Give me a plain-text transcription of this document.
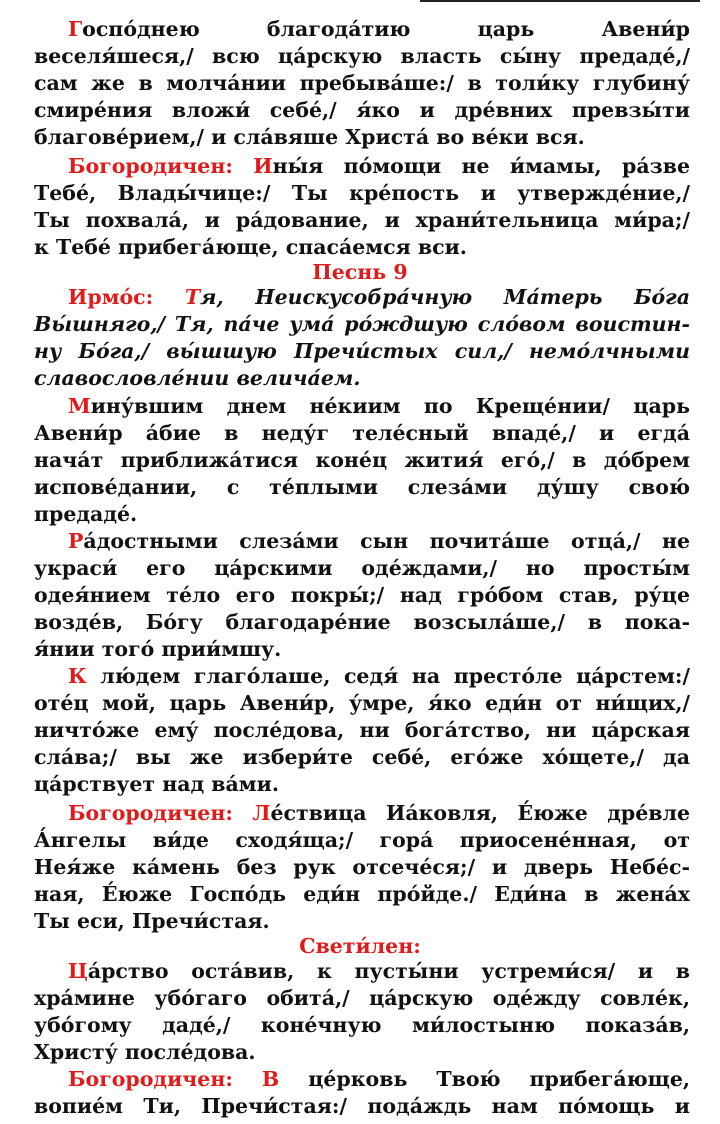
Госпо́днею благода́тию царь Авени́р
веселя́шеся,/ всю ца́рскую власть сы́ну предаде́,/
сам же в молча́нии пребыва́ше:/ в толи́ку глубину́
смире́ния вложи́ себе́,/ я́ко и дре́вних превзы́ти
благове́рием,/ и сла́вяше Христа́ во ве́ки вся.
Богородичен: Ины́я по́мощи не и́мамы, ра́зве
Тебе́, Влады́чице:/ Ты кре́пость и утвержде́ние,/
Ты похвала́, и ра́дование, и храни́тельница ми́ра;/
к Тебе́ прибега́юще, спаса́емся вси.
Песнь 9
Ирмо́с: Тя, Неискусобра́чную Ма́терь Бо́га
Вы́шняго,/ Тя, па́че ума́ ро́ждшую сло́вом воистин-
ну Бо́га,/ вы́шшую Пречи́стых сил,/ немо́лчными
славословле́нии велича́ем.
Мину́вшим днем не́киим по Креще́нии/ царь
Авени́р а́бие в неду́г теле́сный впаде́,/ и егда́
нача́т приближа́тися коне́ц жития́ его́,/ в до́брем
испове́дании, с те́плыми слеза́ми ду́шу свою́
предаде́.
Ра́достными слеза́ми сын почита́ше отца́,/ не
украси́ его ца́рскими оде́ждами,/ но просты́м
одея́нием те́ло его покры́;/ над гро́бом став, ру́це
возде́в, Бо́гу благодаре́ние возсыла́ше,/ в пока-
я́нии того́ прии́мшу.
К лю́дем глаго́лаше, седя́ на престо́ле ца́рстем:/
оте́ц мой, царь Авени́р, у́мре, я́ко еди́н от ни́щих,/
ничто́же ему́ после́дова, ни бога́тство, ни ца́рская
сла́ва;/ вы же избери́те себе́, его́же хо́щете,/ да
ца́рствует над ва́ми.
Богородичен: Ле́ствица Иа́ковля, Е́юже дре́вле
А́нгелы ви́де сходя́ща;/ гора́ приосене́нная, от
Нея́же ка́мень без рук отсече́ся;/ и дверь Небе́с-
ная, Е́юже Госпо́дь еди́н про́йде./ Еди́на в жена́х
Ты еси, Пречи́стая.
Свети́лен:
Ца́рство оста́вив, к пусты́ни устреми́ся/ и в
хра́мине убо́гаго обита́,/ ца́рскую оде́жду совле́к,
убо́гому даде́,/ коне́чную ми́лостыню показа́в,
Христу́ после́дова.
Богородичен: В це́рковь Твою́ прибега́юще,
вопие́м Ти, Пречи́стая:/ пода́ждь нам по́мощь и
